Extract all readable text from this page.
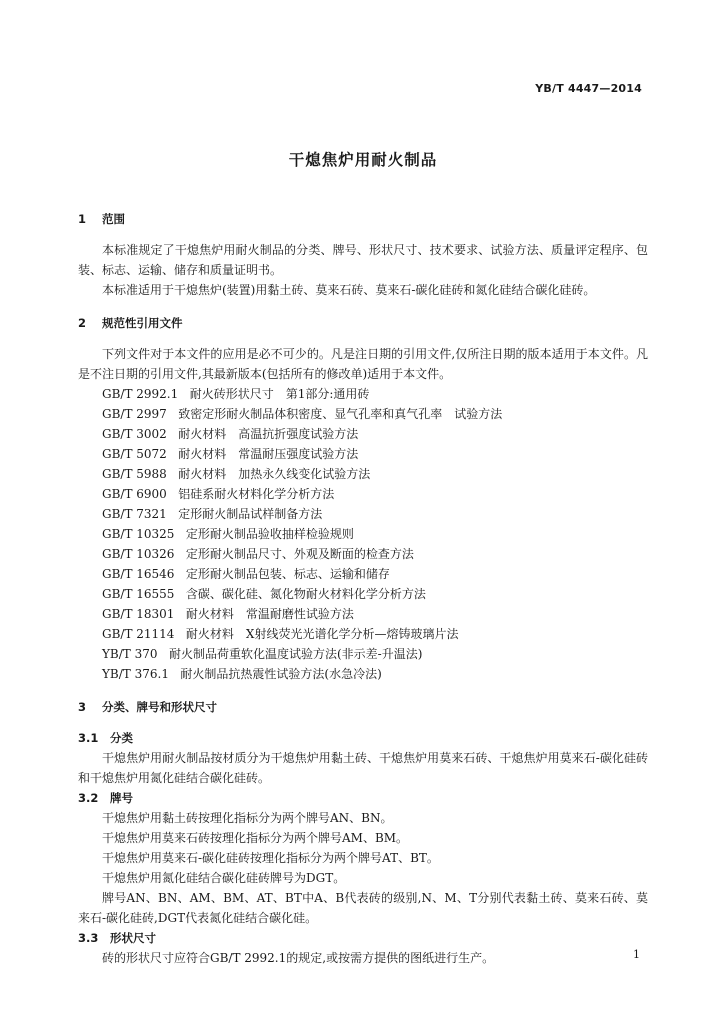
YB/T 4447—2014
干熄焦炉用耐火制品
1 范围

本标准规定了干熄焦炉用耐火制品的分类、牌号、形状尺寸、技术要求、试验方法、质量评定程序、包装、标志、运输、储存和质量证明书。

本标准适用于干熄焦炉(装置)用黏土砖、莫来石砖、莫来石-碳化硅砖和氮化硅结合碳化硅砖。

2 规范性引用文件

下列文件对于本文件的应用是必不可少的。凡是注日期的引用文件,仅所注日期的版本适用于本文件。凡是不注日期的引用文件,其最新版本(包括所有的修改单)适用于本文件。

GB/T 2992.1 耐火砖形状尺寸　第1部分:通用砖
GB/T 2997 致密定形耐火制品体积密度、显气孔率和真气孔率　试验方法
GB/T 3002 耐火材料　高温抗折强度试验方法
GB/T 5072 耐火材料　常温耐压强度试验方法
GB/T 5988 耐火材料　加热永久线变化试验方法
GB/T 6900 铝硅系耐火材料化学分析方法
GB/T 7321 定形耐火制品试样制备方法
GB/T 10325 定形耐火制品验收抽样检验规则
GB/T 10326 定形耐火制品尺寸、外观及断面的检查方法
GB/T 16546 定形耐火制品包装、标志、运输和储存
GB/T 16555 含碳、碳化硅、氮化物耐火材料化学分析方法
GB/T 18301 耐火材料　常温耐磨性试验方法
GB/T 21114 耐火材料　X射线荧光光谱化学分析—熔铸玻璃片法
YB/T 370 耐火制品荷重软化温度试验方法(非示差-升温法)
YB/T 376.1 耐火制品抗热震性试验方法(水急冷法)
3 分类、牌号和形状尺寸
3.1 分类

干熄焦炉用耐火制品按材质分为干熄焦炉用黏土砖、干熄焦炉用莫来石砖、干熄焦炉用莫来石-碳化硅砖和干熄焦炉用氮化硅结合碳化硅砖。

3.2 牌号

干熄焦炉用黏土砖按理化指标分为两个牌号AN、BN。

干熄焦炉用莫来石砖按理化指标分为两个牌号AM、BM。

干熄焦炉用莫来石-碳化硅砖按理化指标分为两个牌号AT、BT。

干熄焦炉用氮化硅结合碳化硅砖牌号为DGT。

牌号AN、BN、AM、BM、AT、BT中A、B代表砖的级别,N、M、T分别代表黏土砖、莫来石砖、莫来石-碳化硅砖,DGT代表氮化硅结合碳化硅。

3.3 形状尺寸

砖的形状尺寸应符合GB/T 2992.1的规定,或按需方提供的图纸进行生产。	1
